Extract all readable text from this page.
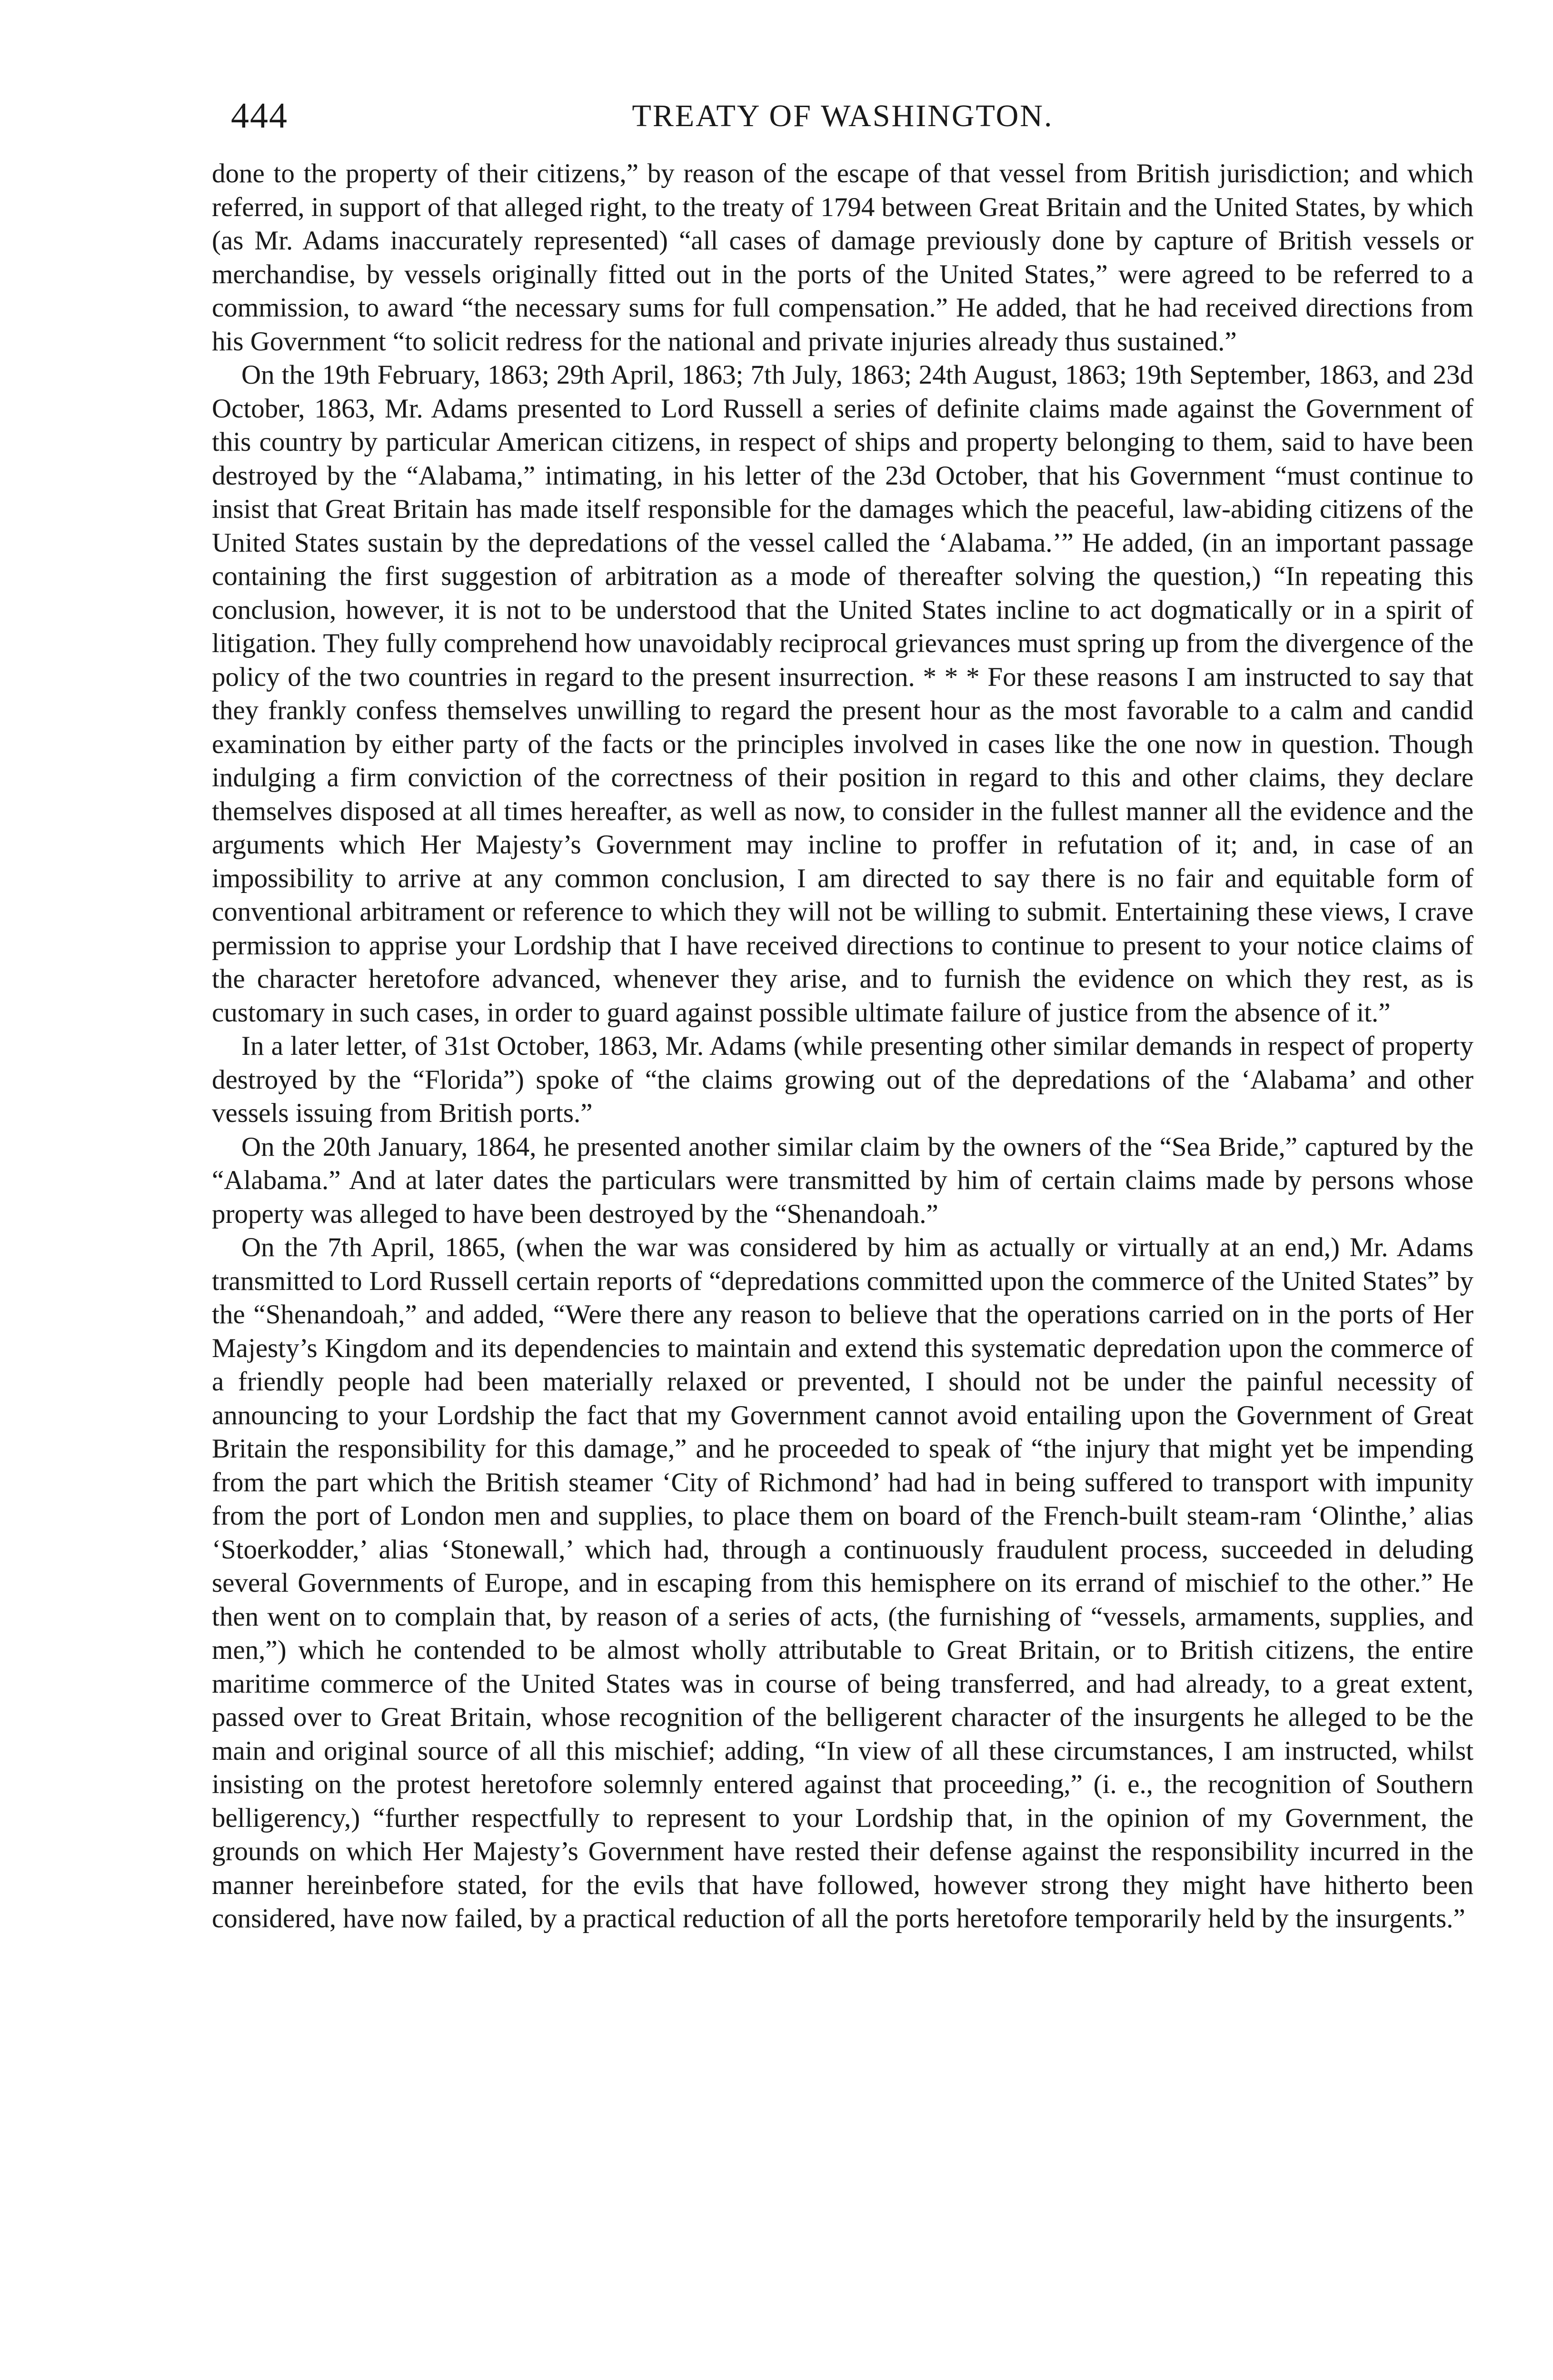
444	TREATY OF WASHINGTON.

done to the property of their citizens,” by reason of the escape of that vessel from British jurisdiction; and which referred, in support of that alleged right, to the treaty of 1794 between Great Britain and the United States, by which (as Mr. Adams inaccurately represented) “all cases of damage previously done by capture of British vessels or merchandise, by vessels originally fitted out in the ports of the United States,” were agreed to be referred to a commission, to award “the necessary sums for full compensation.” He added, that he had received directions from his Government “to solicit redress for the national and private injuries already thus sustained.”

On the 19th February, 1863; 29th April, 1863; 7th July, 1863; 24th August, 1863; 19th September, 1863, and 23d October, 1863, Mr. Adams presented to Lord Russell a series of definite claims made against the Government of this country by particular American citizens, in respect of ships and property belonging to them, said to have been destroyed by the “Alabama,” intimating, in his letter of the 23d October, that his Government “must continue to insist that Great Britain has made itself responsible for the damages which the peaceful, law-abiding citizens of the United States sustain by the depredations of the vessel called the ‘Alabama.’” He added, (in an important passage containing the first suggestion of arbitration as a mode of thereafter solving the question,) “In repeating this conclusion, however, it is not to be understood that the United States incline to act dogmatically or in a spirit of litigation. They fully comprehend how unavoidably reciprocal grievances must spring up from the divergence of the policy of the two countries in regard to the present insurrection. * * * For these reasons I am instructed to say that they frankly confess themselves unwilling to regard the present hour as the most favorable to a calm and candid examination by either party of the facts or the principles involved in cases like the one now in question. Though indulging a firm conviction of the correctness of their position in regard to this and other claims, they declare themselves disposed at all times hereafter, as well as now, to consider in the fullest manner all the evidence and the arguments which Her Majesty’s Government may incline to proffer in refutation of it; and, in case of an impossibility to arrive at any common conclusion, I am directed to say there is no fair and equitable form of conventional arbitrament or reference to which they will not be willing to submit. Entertaining these views, I crave permission to apprise your Lordship that I have received directions to continue to present to your notice claims of the character heretofore advanced, whenever they arise, and to furnish the evidence on which they rest, as is customary in such cases, in order to guard against possible ultimate failure of justice from the absence of it.”

In a later letter, of 31st October, 1863, Mr. Adams (while presenting other similar demands in respect of property destroyed by the “Florida”) spoke of “the claims growing out of the depredations of the ‘Alabama’ and other vessels issuing from British ports.”

On the 20th January, 1864, he presented another similar claim by the owners of the “Sea Bride,” captured by the “Alabama.” And at later dates the particulars were transmitted by him of certain claims made by persons whose property was alleged to have been destroyed by the “Shenandoah.”

On the 7th April, 1865, (when the war was considered by him as actually or virtually at an end,) Mr. Adams transmitted to Lord Russell certain reports of “depredations committed upon the commerce of the United States” by the “Shenandoah,” and added, “Were there any reason to believe that the operations carried on in the ports of Her Majesty’s Kingdom and its dependencies to maintain and extend this systematic depredation upon the commerce of a friendly people had been materially relaxed or prevented, I should not be under the painful necessity of announcing to your Lordship the fact that my Government cannot avoid entailing upon the Government of Great Britain the responsibility for this damage,” and he proceeded to speak of “the injury that might yet be impending from the part which the British steamer ‘City of Richmond’ had had in being suffered to transport with impunity from the port of London men and supplies, to place them on board of the French-built steam-ram ‘Olinthe,’ alias ‘Stoerkodder,’ alias ‘Stonewall,’ which had, through a continuously fraudulent process, succeeded in deluding several Governments of Europe, and in escaping from this hemisphere on its errand of mischief to the other.” He then went on to complain that, by reason of a series of acts, (the furnishing of “vessels, armaments, supplies, and men,”) which he contended to be almost wholly attributable to Great Britain, or to British citizens, the entire maritime commerce of the United States was in course of being transferred, and had already, to a great extent, passed over to Great Britain, whose recognition of the belligerent character of the insurgents he alleged to be the main and original source of all this mischief; adding, “In view of all these circumstances, I am instructed, whilst insisting on the protest heretofore solemnly entered against that proceeding,” (i. e., the recognition of Southern belligerency,) “further respectfully to represent to your Lordship that, in the opinion of my Government, the grounds on which Her Majesty’s Government have rested their defense against the responsibility incurred in the manner hereinbefore stated, for the evils that have followed, however strong they might have hitherto been considered, have now failed, by a practical reduction of all the ports heretofore temporarily held by the insurgents.”
